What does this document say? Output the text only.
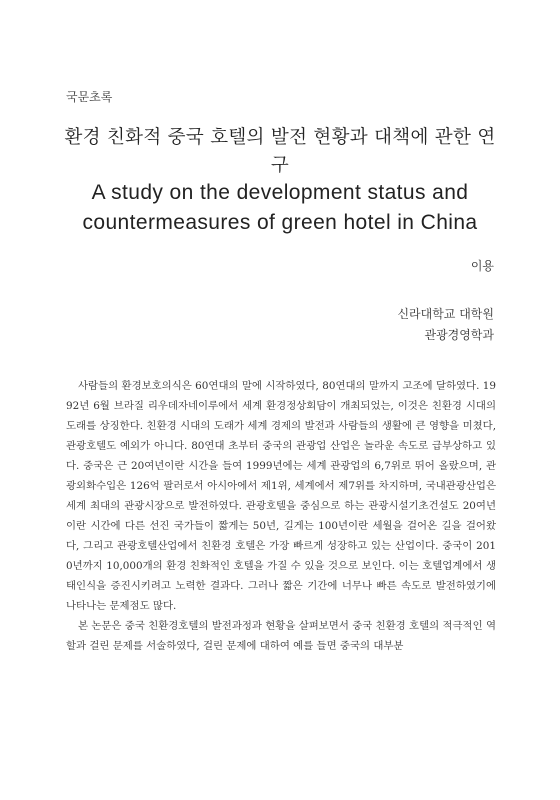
국문초록
환경 친화적 중국 호텔의 발전 현황과 대책에 관한 연구
A study on the development status and countermeasures of green hotel in China
이용
신라대학교 대학원
관광경영학과

사람들의 환경보호의식은 60연대의 말에 시작하였다, 80연대의 말까지 고조에 달하였다. 1992년 6월 브라질 리우데자네이루에서 세계 환경정상회담이 개최되었는, 이것은 친환경 시대의 도래를 상징한다. 친환경 시대의 도래가 세계 경제의 발전과 사람들의 생활에 큰 영향을 미쳤다, 관광호텔도 예외가 아니다. 80연대 초부터 중국의 관광업 산업은 놀라운 속도로 급부상하고 있다. 중국은 근 20여년이란 시간을 들여 1999년에는 세계 관광업의 6,7위로 뛰어 올랐으며, 관광외화수입은 126억 팔러로서 아시아에서 제1위, 세계에서 제7위를 차지하며, 국내관광산업은 세계 최대의 관광시장으로 발전하였다. 관광호텔을 중심으로 하는 관광시설기초건설도 20여년이란 시간에 다른 선진 국가들이 짧게는 50년, 길게는 100년이란 세월을 걸어온 길을 걸어왔다, 그리고 관광호텔산업에서 친환경 호텔은 가장 빠르게 성장하고 있는 산업이다. 중국이 2010년까지 10,000개의 환경 친화적인 호텔을 가질 수 있을 것으로 보인다. 이는 호텔업계에서 생태인식을 증진시키려고 노력한 결과다. 그러나 짧은 기간에 너무나 빠른 속도로 발전하였기에 나타나는 문제점도 많다.

본 논문은 중국 친환경호텔의 발전과정과 현황을 살펴보면서 중국 친환경 호텔의 적극적인 역할과 걸린 문제를 서술하였다, 걸린 문제에 대하여 예를 들면 중국의 대부분
